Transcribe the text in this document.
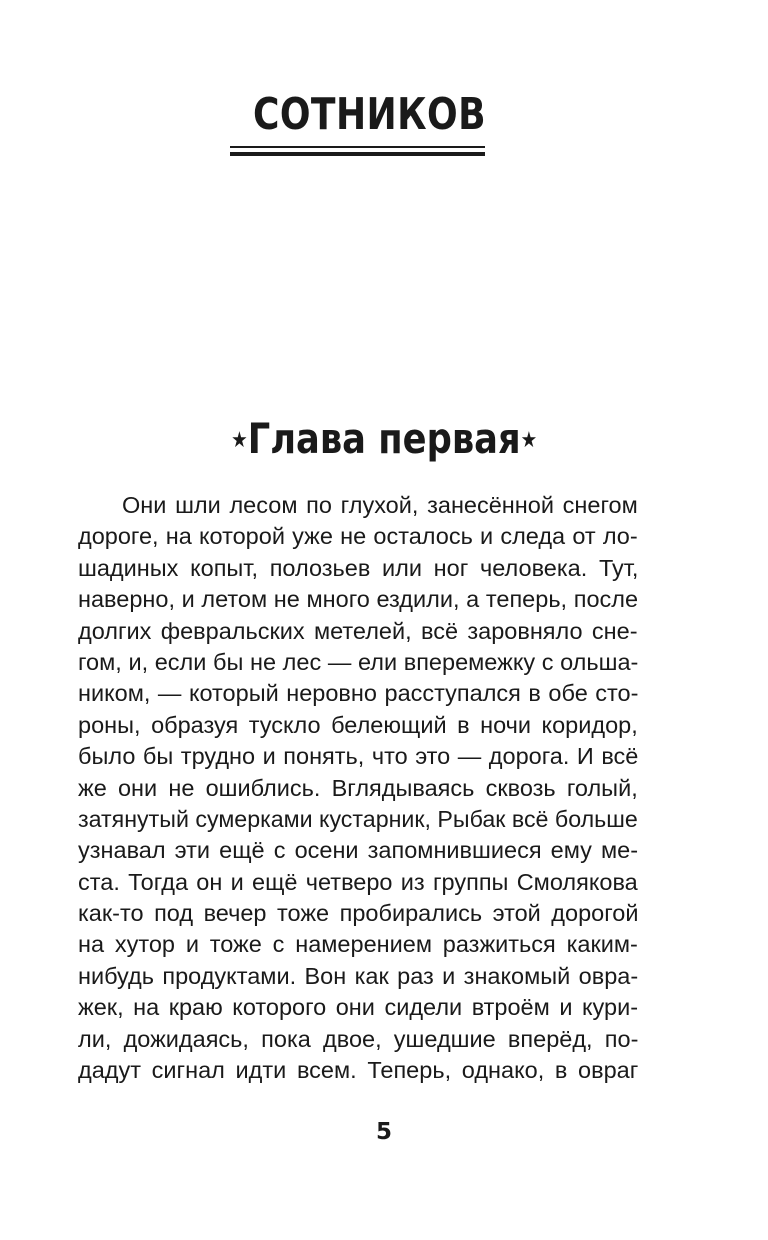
СОТНИКОВ
★Глава первая★
Они шли лесом по глухой, занесённой снегом
дороге, на которой уже не осталось и следа от ло-
шадиных копыт, полозьев или ног человека. Тут,
наверно, и летом не много ездили, а теперь, после
долгих февральских метелей, всё заровняло сне-
гом, и, если бы не лес — ели вперемежку с ольша-
ником, — который неровно расступался в обе сто-
роны, образуя тускло белеющий в ночи коридор,
было бы трудно и понять, что это — дорога. И всё
же они не ошиблись. Вглядываясь сквозь голый,
затянутый сумерками кустарник, Рыбак всё больше
узнавал эти ещё с осени запомнившиеся ему ме-
ста. Тогда он и ещё четверо из группы Смолякова
как-то под вечер тоже пробирались этой дорогой
на хутор и тоже с намерением разжиться каким-
нибудь продуктами. Вон как раз и знакомый овра-
жек, на краю которого они сидели втроём и кури-
ли, дожидаясь, пока двое, ушедшие вперёд, по-
дадут сигнал идти всем. Теперь, однако, в овраг
5
